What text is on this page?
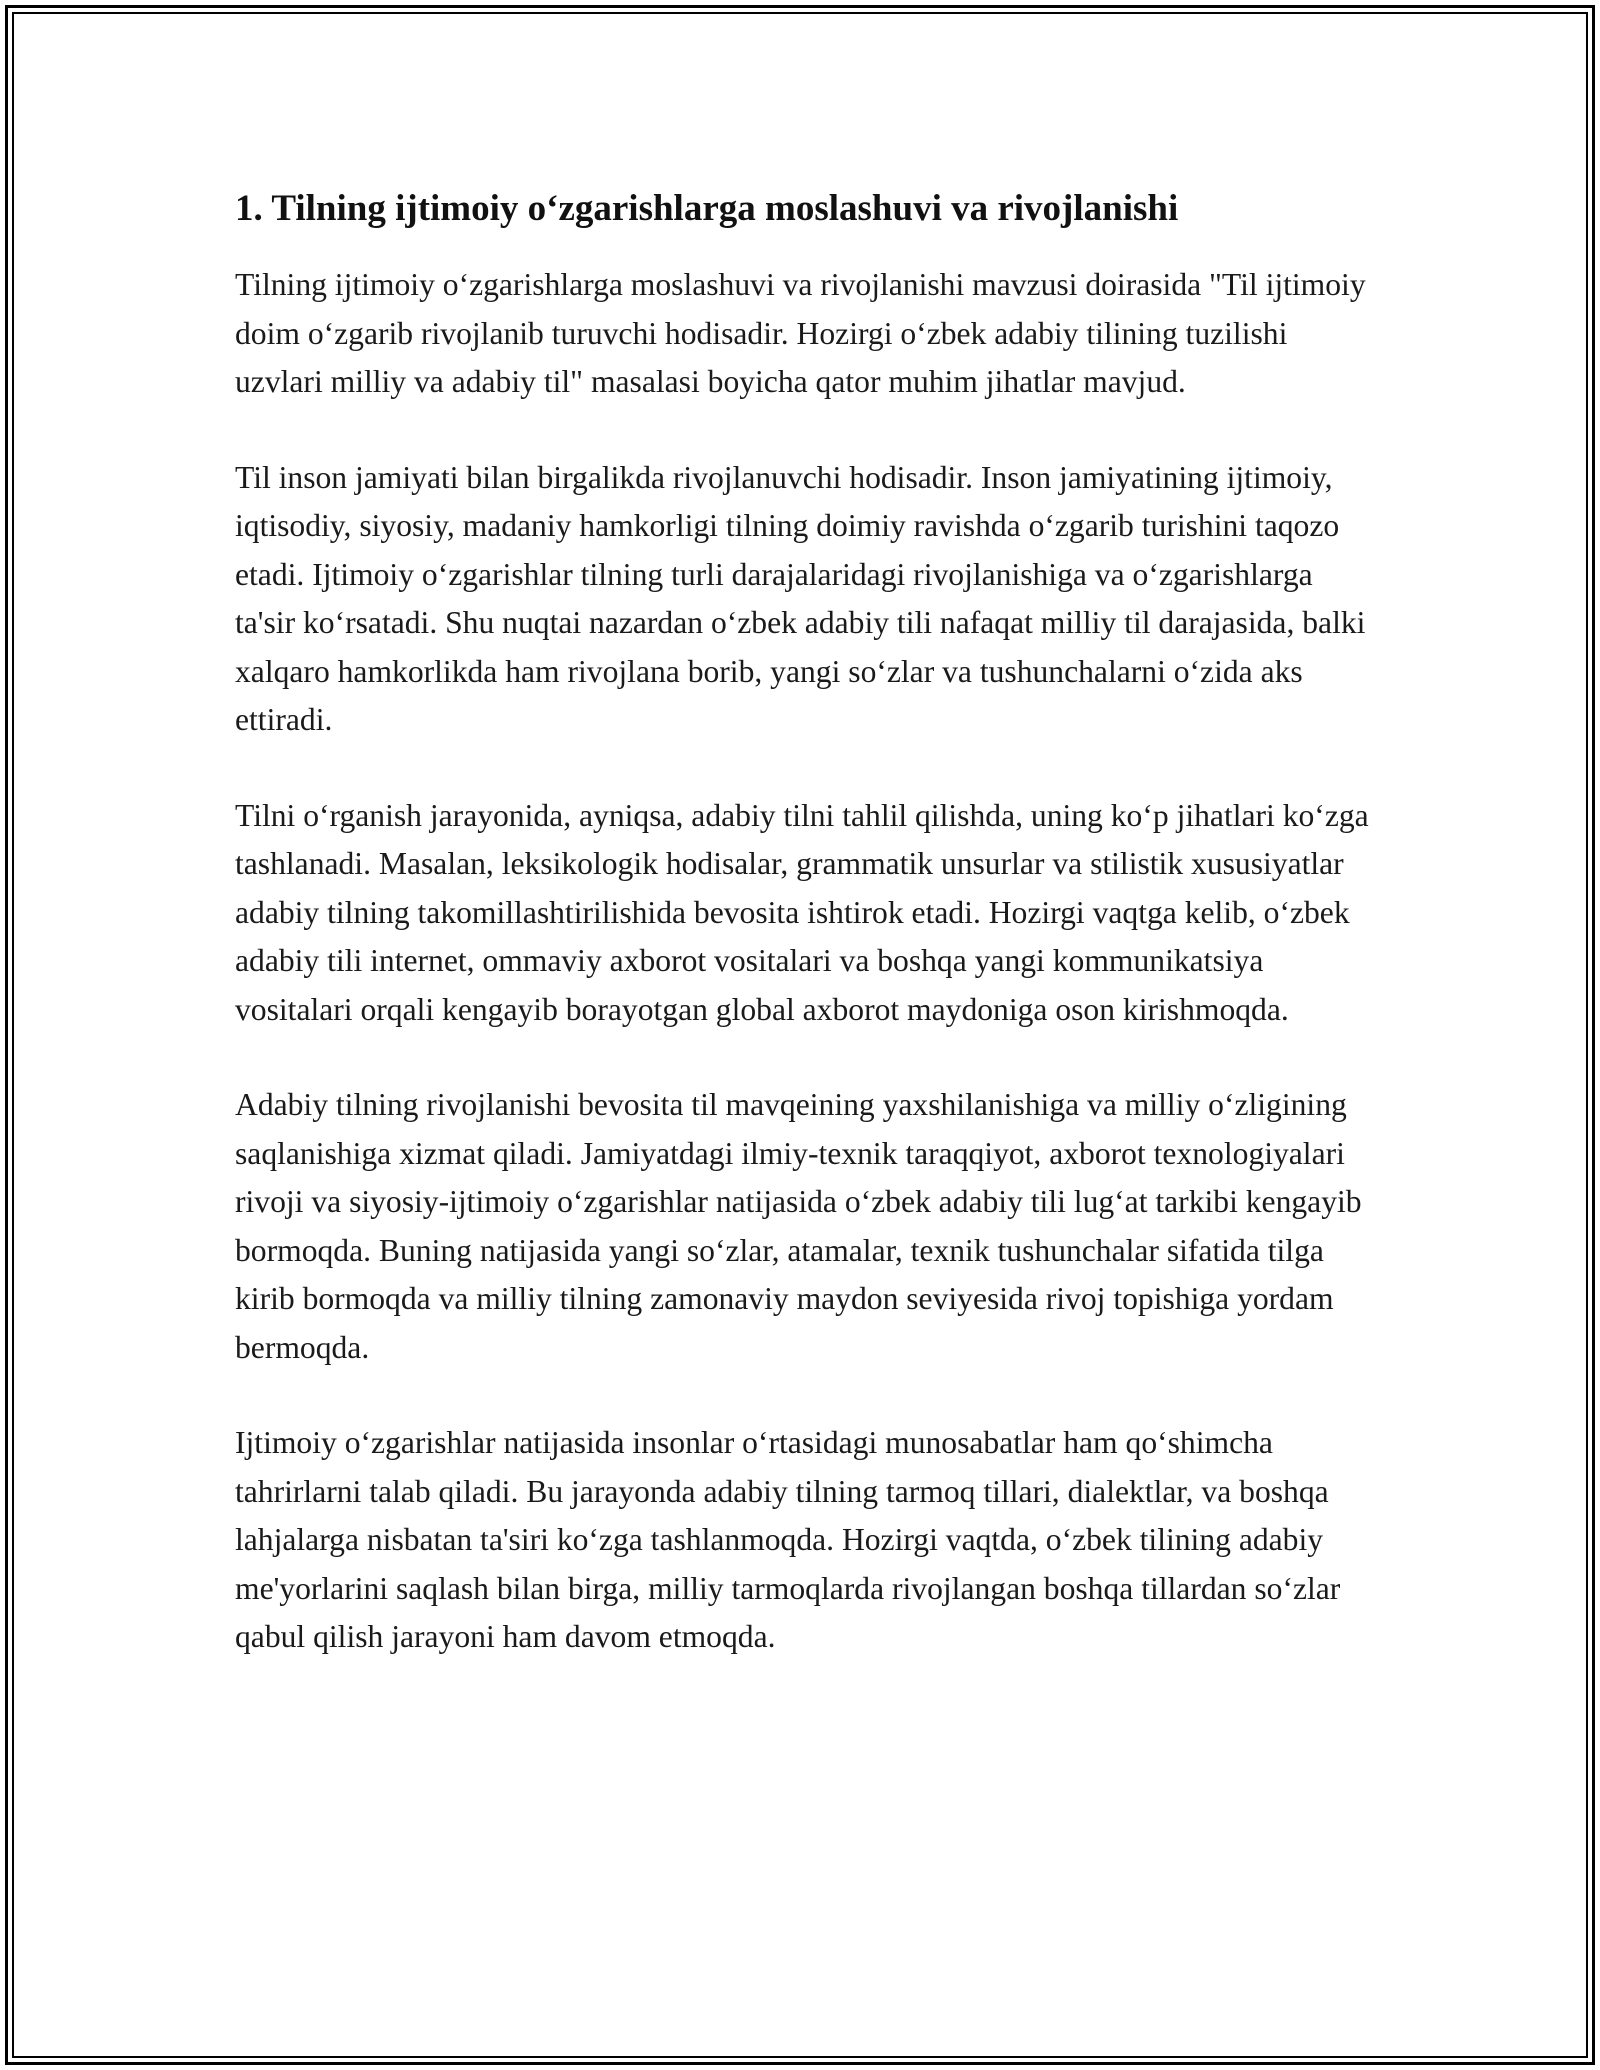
1. Tilning ijtimoiy o‘zgarishlarga moslashuvi va rivojlanishi

Tilning ijtimoiy o‘zgarishlarga moslashuvi va rivojlanishi mavzusi doirasida "Til ijtimoiy doim o‘zgarib rivojlanib turuvchi hodisadir. Hozirgi o‘zbek adabiy tilining tuzilishi uzvlari milliy va adabiy til" masalasi boyicha qator muhim jihatlar mavjud.

Til inson jamiyati bilan birgalikda rivojlanuvchi hodisadir. Inson jamiyatining ijtimoiy, iqtisodiy, siyosiy, madaniy hamkorligi tilning doimiy ravishda o‘zgarib turishini taqozo etadi. Ijtimoiy o‘zgarishlar tilning turli darajalaridagi rivojlanishiga va o‘zgarishlarga ta'sir ko‘rsatadi. Shu nuqtai nazardan o‘zbek adabiy tili nafaqat milliy til darajasida, balki xalqaro hamkorlikda ham rivojlana borib, yangi so‘zlar va tushunchalarni o‘zida aks ettiradi.

Tilni o‘rganish jarayonida, ayniqsa, adabiy tilni tahlil qilishda, uning ko‘p jihatlari ko‘zga tashlanadi. Masalan, leksikologik hodisalar, grammatik unsurlar va stilistik xususiyatlar adabiy tilning takomillashtirilishida bevosita ishtirok etadi. Hozirgi vaqtga kelib, o‘zbek adabiy tili internet, ommaviy axborot vositalari va boshqa yangi kommunikatsiya vositalari orqali kengayib borayotgan global axborot maydoniga oson kirishmoqda.

Adabiy tilning rivojlanishi bevosita til mavqeining yaxshilanishiga va milliy o‘zligining saqlanishiga xizmat qiladi. Jamiyatdagi ilmiy-texnik taraqqiyot, axborot texnologiyalari rivoji va siyosiy-ijtimoiy o‘zgarishlar natijasida o‘zbek adabiy tili lug‘at tarkibi kengayib bormoqda. Buning natijasida yangi so‘zlar, atamalar, texnik tushunchalar sifatida tilga kirib bormoqda va milliy tilning zamonaviy maydon seviyesida rivoj topishiga yordam bermoqda.

Ijtimoiy o‘zgarishlar natijasida insonlar o‘rtasidagi munosabatlar ham qo‘shimcha tahrirlarni talab qiladi. Bu jarayonda adabiy tilning tarmoq tillari, dialektlar, va boshqa lahjalarga nisbatan ta'siri ko‘zga tashlanmoqda. Hozirgi vaqtda, o‘zbek tilining adabiy me'yorlarini saqlash bilan birga, milliy tarmoqlarda rivojlangan boshqa tillardan so‘zlar qabul qilish jarayoni ham davom etmoqda.
